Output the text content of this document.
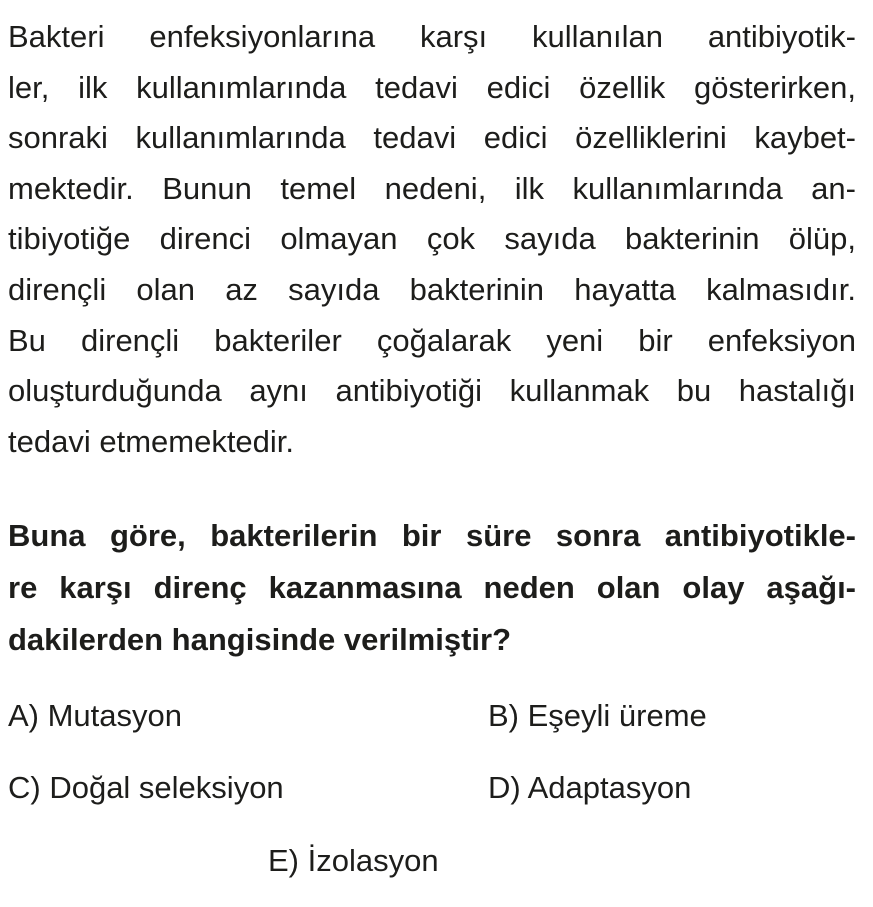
Bakteri enfeksiyonlarına karşı kullanılan antibiyotik-
ler, ilk kullanımlarında tedavi edici özellik gösterirken,
sonraki kullanımlarında tedavi edici özelliklerini kaybet-
mektedir. Bunun temel nedeni, ilk kullanımlarında an-
tibiyotiğe direnci olmayan çok sayıda bakterinin ölüp,
dirençli olan az sayıda bakterinin hayatta kalmasıdır.
Bu dirençli bakteriler çoğalarak yeni bir enfeksiyon
oluşturduğunda aynı antibiyotiği kullanmak bu hastalığı
tedavi etmemektedir.
Buna göre, bakterilerin bir süre sonra antibiyotikle-
re karşı direnç kazanmasına neden olan olay aşağı-
dakilerden hangisinde verilmiştir?
A) Mutasyon	B) Eşeyli üreme
C) Doğal seleksiyon	D) Adaptasyon
E) İzolasyon
